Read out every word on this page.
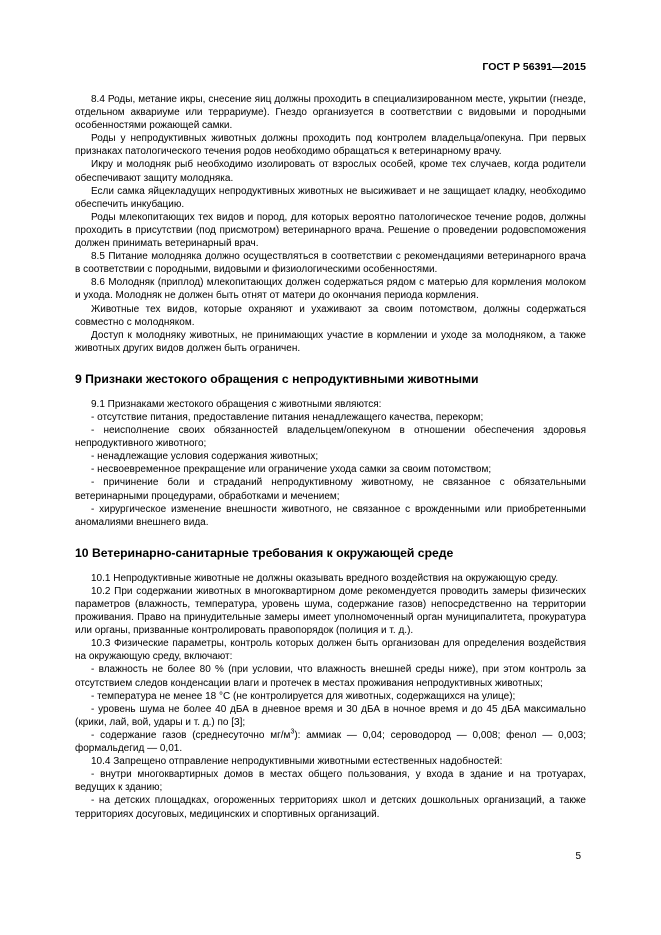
ГОСТ Р 56391—2015

8.4 Роды, метание икры, снесение яиц должны проходить в специализированном месте, укрытии (гнезде, отдельном аквариуме или террариуме). Гнездо организуется в соответствии с видовыми и породными особенностями рожающей самки.

Роды у непродуктивных животных должны проходить под контролем владельца/опекуна. При первых признаках патологического течения родов необходимо обращаться к ветеринарному врачу.

Икру и молодняк рыб необходимо изолировать от взрослых особей, кроме тех случаев, когда родители обеспечивают защиту молодняка.

Если самка яйцекладущих непродуктивных животных не высиживает и не защищает кладку, необходимо обеспечить инкубацию.

Роды млекопитающих тех видов и пород, для которых вероятно патологическое течение родов, должны проходить в присутствии (под присмотром) ветеринарного врача. Решение о проведении родовспоможения должен принимать ветеринарный врач.

8.5 Питание молодняка должно осуществляться в соответствии с рекомендациями ветеринарного врача в соответствии с породными, видовыми и физиологическими особенностями.

8.6 Молодняк (приплод) млекопитающих должен содержаться рядом с матерью для кормления молоком и ухода. Молодняк не должен быть отнят от матери до окончания периода кормления.

Животные тех видов, которые охраняют и ухаживают за своим потомством, должны содержаться совместно с молодняком.

Доступ к молодняку животных, не принимающих участие в кормлении и уходе за молодняком, а также животных других видов должен быть ограничен.

9 Признаки жестокого обращения с непродуктивными животными

9.1 Признаками жестокого обращения с животными являются:

- отсутствие питания, предоставление питания ненадлежащего качества, перекорм;

- неисполнение своих обязанностей владельцем/опекуном в отношении обеспечения здоровья непродуктивного животного;

- ненадлежащие условия содержания животных;

- несвоевременное прекращение или ограничение ухода самки за своим потомством;

- причинение боли и страданий непродуктивному животному, не связанное с обязательными ветеринарными процедурами, обработками и мечением;

- хирургическое изменение внешности животного, не связанное с врожденными или приобретенными аномалиями внешнего вида.

10 Ветеринарно-санитарные требования к окружающей среде

10.1 Непродуктивные животные не должны оказывать вредного воздействия на окружающую среду.

10.2 При содержании животных в многоквартирном доме рекомендуется проводить замеры физических параметров (влажность, температура, уровень шума, содержание газов) непосредственно на территории проживания. Право на принудительные замеры имеет уполномоченный орган муниципалитета, прокуратура или органы, призванные контролировать правопорядок (полиция и т. д.).

10.3 Физические параметры, контроль которых должен быть организован для определения воздействия на окружающую среду, включают:

- влажность не более 80 % (при условии, что влажность внешней среды ниже), при этом контроль за отсутствием следов конденсации влаги и протечек в местах проживания непродуктивных животных;

- температура не менее 18 °С (не контролируется для животных, содержащихся на улице);

- уровень шума не более 40 дБА в дневное время и 30 дБА в ночное время и до 45 дБА максимально (крики, лай, вой, удары и т. д.) по [3];

- содержание газов (среднесуточно $мг/м^3$): аммиак — 0,04; сероводород — 0,008; фенол — 0,003; формальдегид — 0,01.

10.4 Запрещено отправление непродуктивными животными естественных надобностей:

- внутри многоквартирных домов в местах общего пользования, у входа в здание и на тротуарах, ведущих к зданию;

- на детских площадках, огороженных территориях школ и детских дошкольных организаций, а также территориях досуговых, медицинских и спортивных организаций.

5
